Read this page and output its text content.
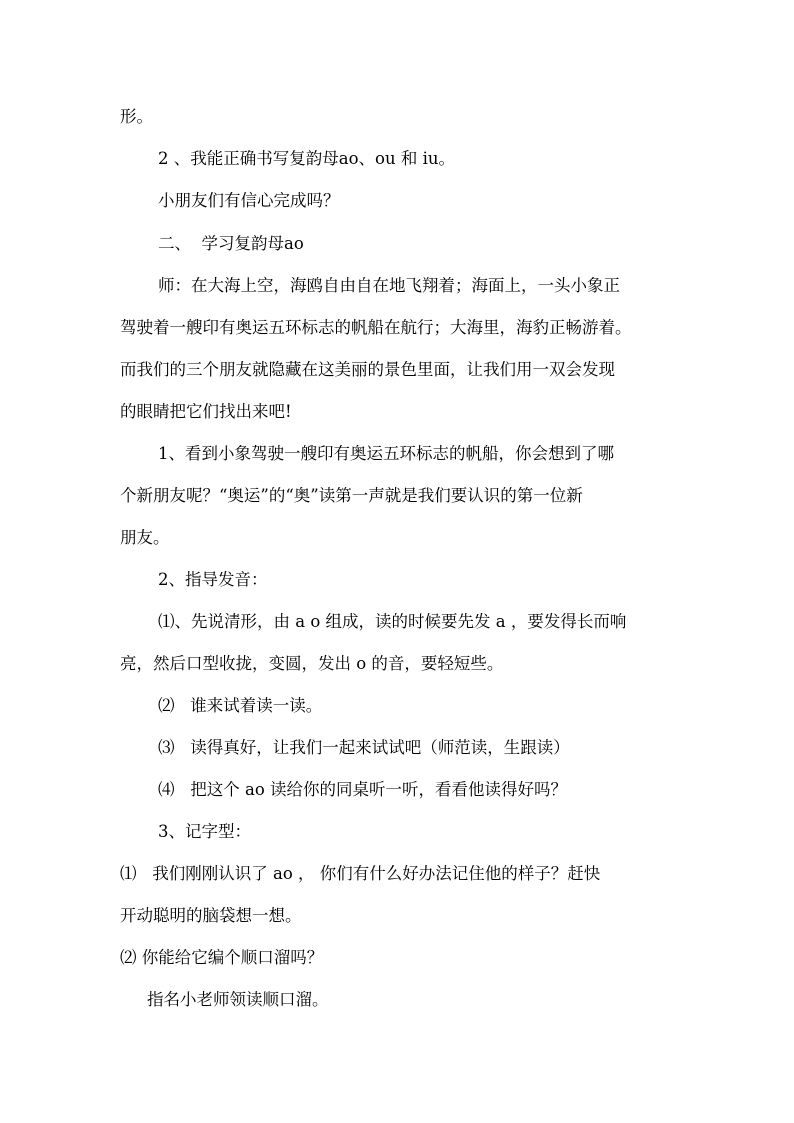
形。
2 、我能正确书写复韵母ao、ou 和 iu。
小朋友们有信心完成吗？
二、  学习复韵母ao
师：在大海上空，海鸥自由自在地飞翔着；海面上，一头小象正
驾驶着一艘印有奥运五环标志的帆船在航行；大海里，海豹正畅游着。
而我们的三个朋友就隐藏在这美丽的景色里面，让我们用一双会发现
的眼睛把它们找出来吧!
1、看到小象驾驶一艘印有奥运五环标志的帆船，你会想到了哪
个新朋友呢？“奥运”的“奥”读第一声就是我们要认识的第一位新
朋友。
2、指导发音：
⑴、先说清形，由 a o 组成，读的时候要先发 a ，要发得长而响
亮，然后口型收拢，变圆，发出 o 的音，要轻短些。
⑵   谁来试着读一读。
⑶   读得真好，让我们一起来试试吧（师范读，生跟读）
⑷   把这个 ao 读给你的同桌听一听，看看他读得好吗？
3、记字型：
⑴   我们刚刚认识了 ao ， 你们有什么好办法记住他的样子？赶快
开动聪明的脑袋想一想。
⑵ 你能给它编个顺口溜吗？
指名小老师领读顺口溜。
